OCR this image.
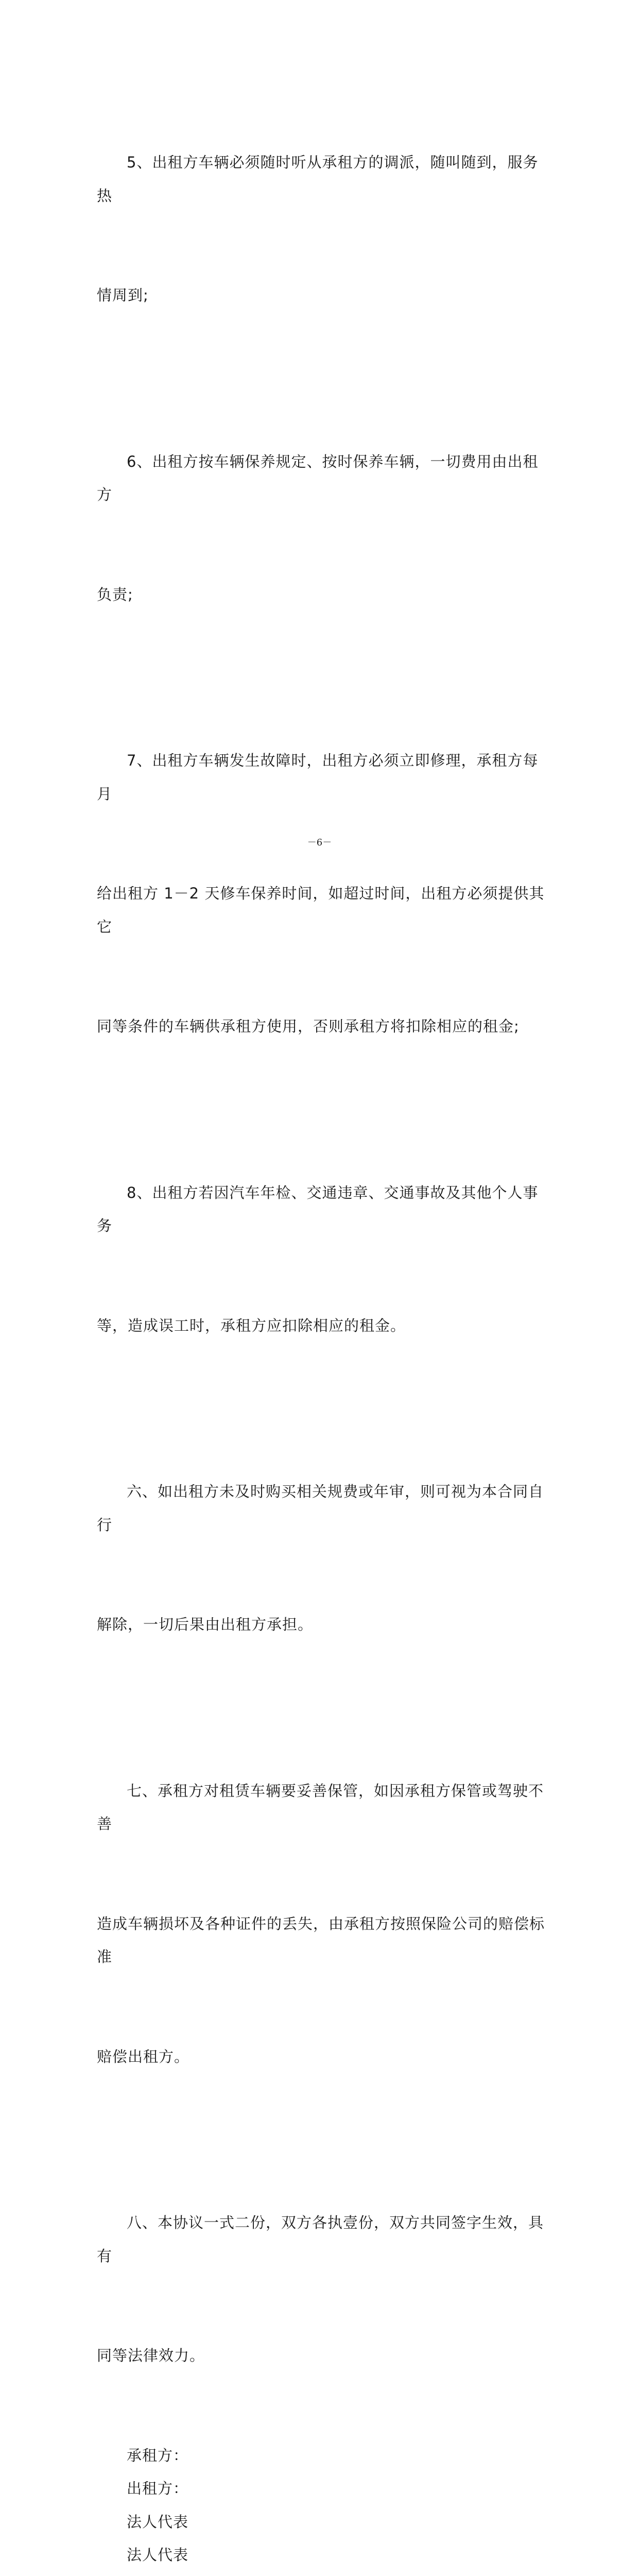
5、出租方车辆必须随时听从承租方的调派，随叫随到，服务热

情周到;

6、出租方按车辆保养规定、按时保养车辆，一切费用由出租方

负责;

7、出租方车辆发生故障时，出租方必须立即修理，承租方每月

给出租方 1－2 天修车保养时间，如超过时间，出租方必须提供其它

同等条件的车辆供承租方使用，否则承租方将扣除相应的租金;

8、出租方若因汽车年检、交通违章、交通事故及其他个人事务

等，造成误工时，承租方应扣除相应的租金。

六、如出租方未及时购买相关规费或年审，则可视为本合同自行

解除，一切后果由出租方承担。

七、承租方对租赁车辆要妥善保管，如因承租方保管或驾驶不善

造成车辆损坏及各种证件的丢失，由承租方按照保险公司的赔偿标准

赔偿出租方。

八、本协议一式二份，双方各执壹份，双方共同签字生效，具有

同等法律效力。

承租方：

出租方：

法人代表

法人代表

－6－
